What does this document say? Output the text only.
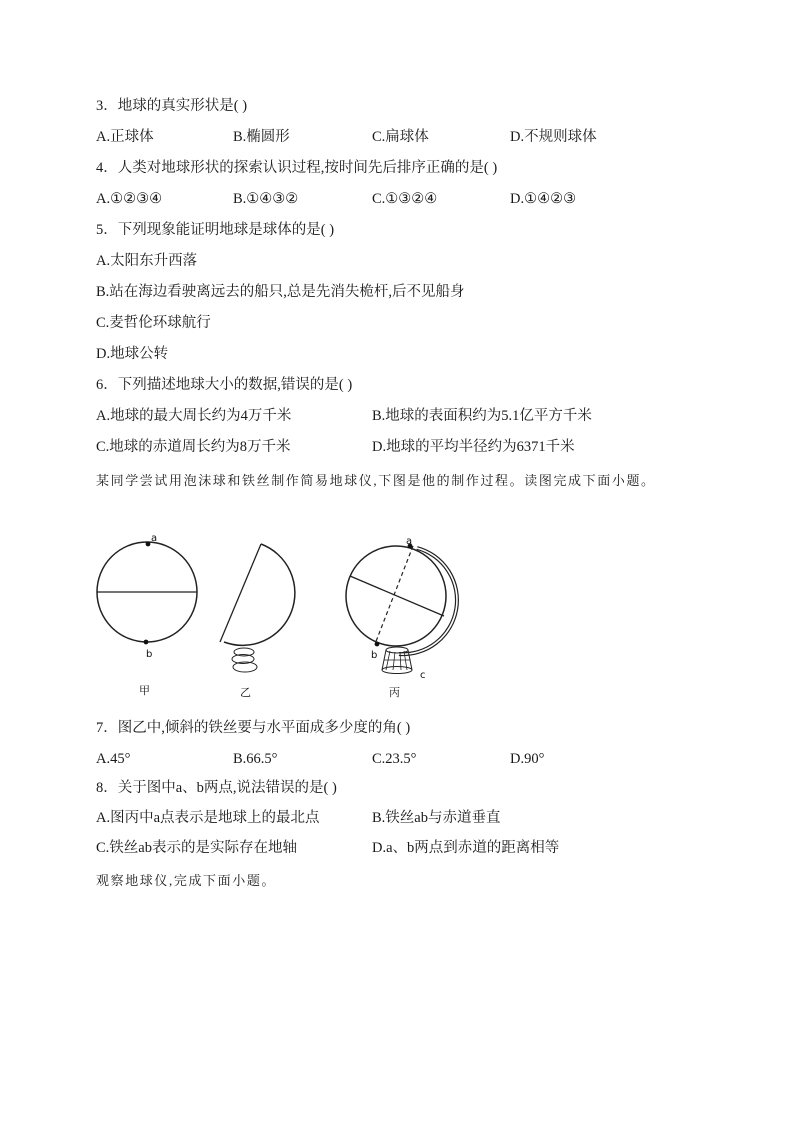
3．地球的真实形状是( )
A.正球体	B.椭圆形	C.扁球体	D.不规则球体
4．人类对地球形状的探索认识过程,按时间先后排序正确的是( )
A.①②③④	B.①④③②	C.①③②④	D.①④②③
5．下列现象能证明地球是球体的是( )
A.太阳东升西落
B.站在海边看驶离远去的船只,总是先消失桅杆,后不见船身
C.麦哲伦环球航行
D.地球公转
6．下列描述地球大小的数据,错误的是( )
A.地球的最大周长约为4万千米	B.地球的表面积约为5.1亿平方千米
C.地球的赤道周长约为8万千米	D.地球的平均半径约为6371千米
某同学尝试用泡沫球和铁丝制作简易地球仪,下图是他的制作过程。读图完成下面小题。
a
b
甲	乙
a
b
c
丙
7．图乙中,倾斜的铁丝要与水平面成多少度的角( )
A.45°	B.66.5°	C.23.5°	D.90°
8．关于图中a、b两点,说法错误的是( )
A.图丙中a点表示是地球上的最北点	B.铁丝ab与赤道垂直
C.铁丝ab表示的是实际存在地轴	D.a、b两点到赤道的距离相等
观察地球仪,完成下面小题。
